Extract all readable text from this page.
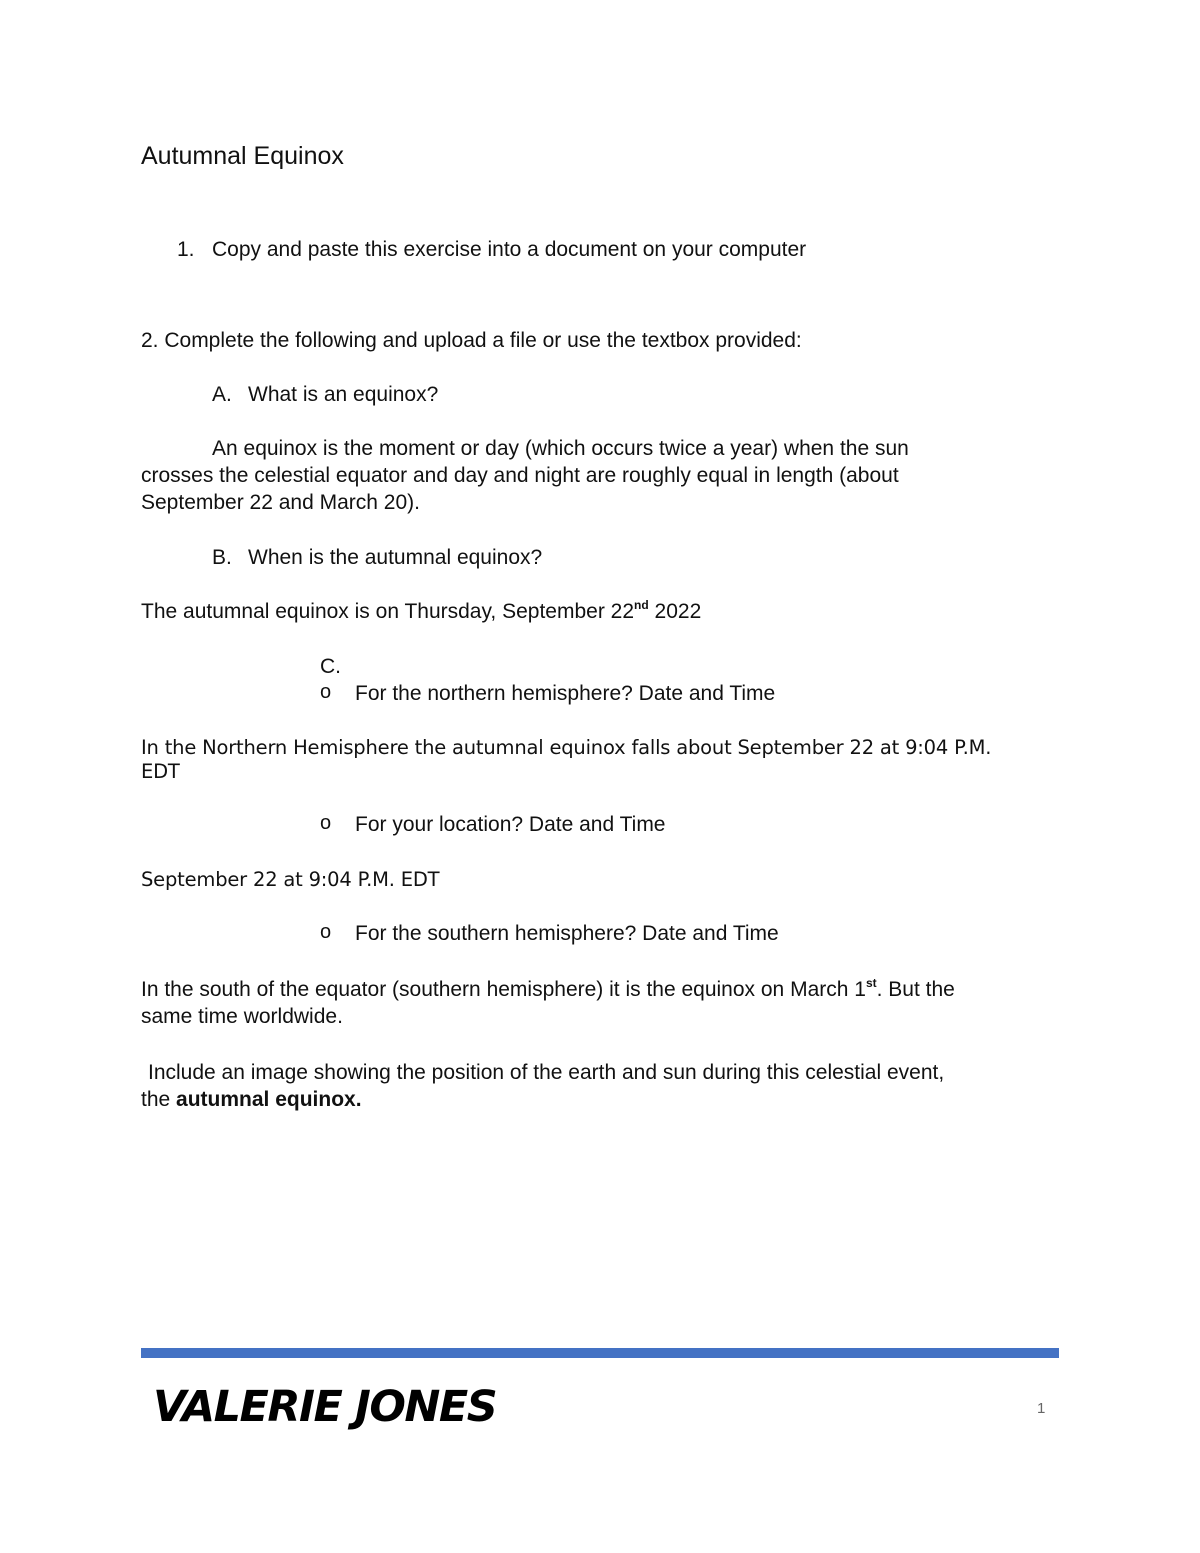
Autumnal Equinox
1. Copy and paste this exercise into a document on your computer
2. Complete the following and upload a file or use the textbox provided:
A. What is an equinox?
An equinox is the moment or day (which occurs twice a year) when the sun
crosses the celestial equator and day and night are roughly equal in length (about
September 22 and March 20).
B. When is the autumnal equinox?
The autumnal equinox is on Thursday, September 22nd 2022
C.
o For the northern hemisphere? Date and Time
In the Northern Hemisphere the autumnal equinox falls about September 22 at 9:04 P.M.
EDT
o For your location? Date and Time
September 22 at 9:04 P.M. EDT
o For the southern hemisphere? Date and Time
In the south of the equator (southern hemisphere) it is the equinox on March 1st. But the
same time worldwide.
Include an image showing the position of the earth and sun during this celestial event,
the autumnal equinox.
VALERIE JONES	1
